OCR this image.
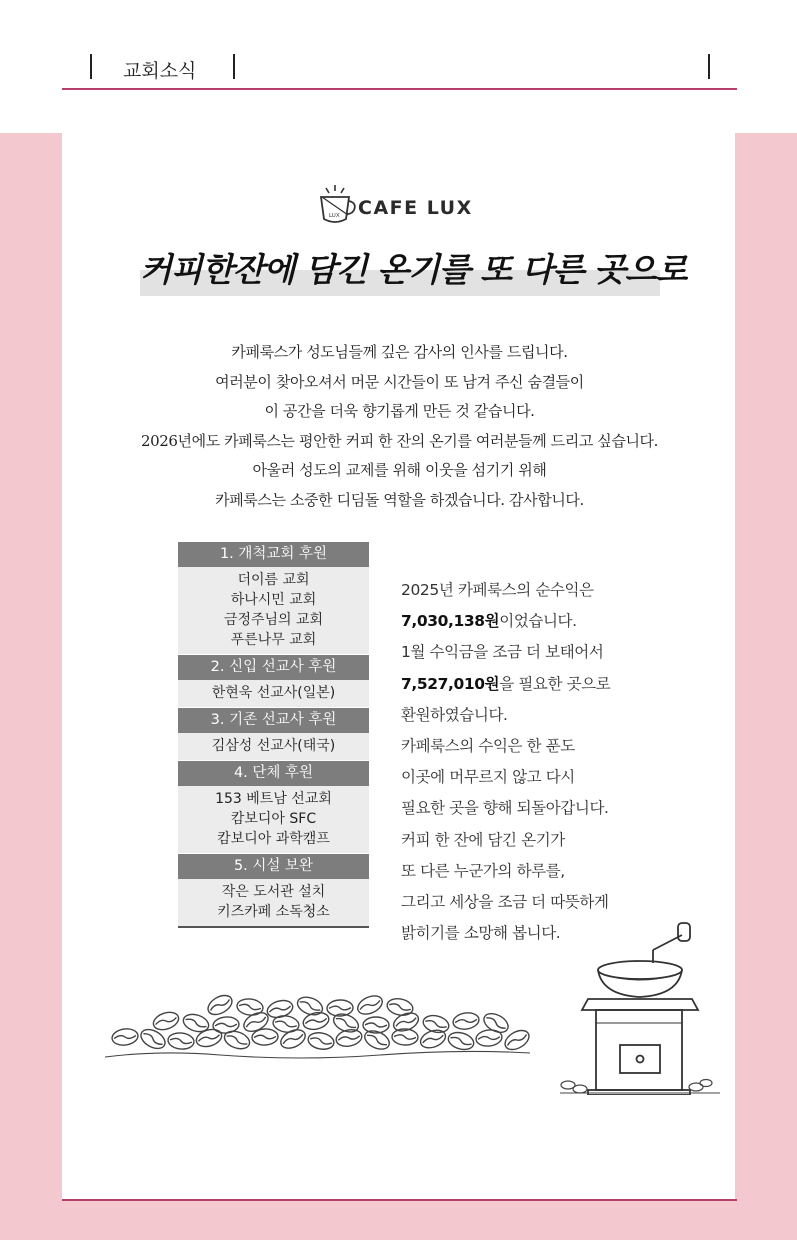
교회소식
LUX CAFE LUX
커피한잔에 담긴 온기를 또 다른 곳으로
카페룩스가 성도님들께 깊은 감사의 인사를 드립니다.
여러분이 찾아오셔서 머문 시간들이 또 남겨 주신 숨결들이
이 공간을 더욱 향기롭게 만든 것 같습니다.
2026년에도 카페룩스는 평안한 커피 한 잔의 온기를 여러분들께 드리고 싶습니다.
아울러 성도의 교제를 위해 이웃을 섬기기 위해
카페룩스는 소중한 디딤돌 역할을 하겠습니다. 감사합니다.
1. 개척교회 후원
더이름 교회
하나시민 교회
금정주님의 교회
푸른나무 교회
2. 신입 선교사 후원
한현욱 선교사(일본)
3. 기존 선교사 후원
김삼성 선교사(태국)
4. 단체 후원
153 베트남 선교회
캄보디아 SFC
캄보디아 과학캠프
5. 시설 보완
작은 도서관 설치
키즈카페 소독청소
2025년 카페룩스의 순수익은
7,030,138원이었습니다.
1월 수익금을 조금 더 보태어서
7,527,010원을 필요한 곳으로
환원하였습니다.
카페룩스의 수익은 한 푼도
이곳에 머무르지 않고 다시
필요한 곳을 향해 되돌아갑니다.
커피 한 잔에 담긴 온기가
또 다른 누군가의 하루를,
그리고 세상을 조금 더 따뜻하게
밝히기를 소망해 봅니다.
